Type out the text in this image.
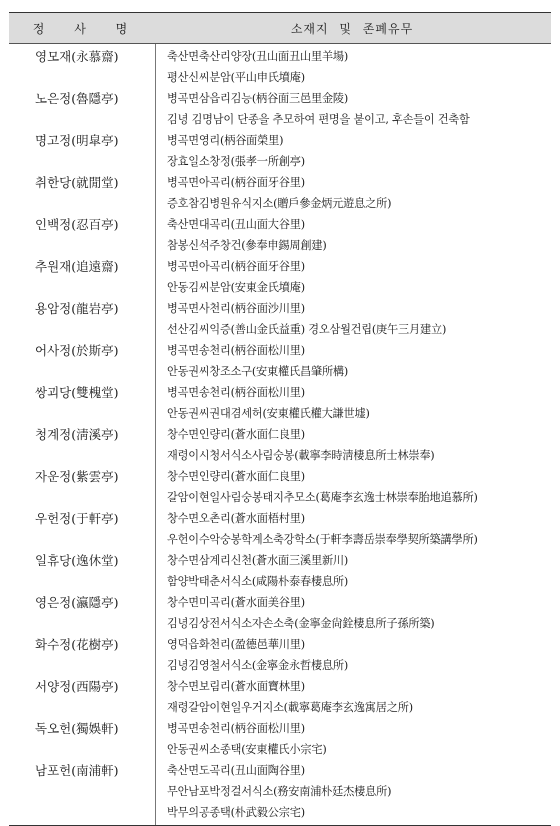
정 사 명	소재지 및 존폐유무
영모재(永慕齋)	축산면축산리양장(丑山面丑山里羊場)
평산신씨분암(平山申氏墳庵)
노은정(魯隱亭)	병곡면삼읍리김능(柄谷面三邑里金陵)
김녕 김명남이 단종을 추모하여 편명을 붙이고, 후손들이 건축함
명고정(明皐亭)	병곡면영리(柄谷面榮里)
장효일소창정(張孝一所創亭)
취한당(就閒堂)	병곡면아곡리(柄谷面牙谷里)
증호참김병원유식지소(贈戶參金炳元遊息之所)
인백정(忍百亭)	축산면대곡리(丑山面大谷里)
참봉신석주창건(參奉申錫周創建)
추원재(追遠齋)	병곡면아곡리(柄谷面牙谷里)
안동김씨분암(安東金氏墳庵)
용암정(龍岩亭)	병곡면사천리(柄谷面沙川里)
선산김씨익증(善山金氏益重) 경오삼월건립(庚午三月建立)
어사정(於斯亭)	병곡면송천리(柄谷面松川里)
안동권씨창조소구(安東權氏昌肇所構)
쌍괴당(雙槐堂)	병곡면송천리(柄谷面松川里)
안동권씨권대겸세허(安東權氏權大謙世墟)
청계정(淸溪亭)	창수면인량리(蒼水面仁良里)
재령이시청서식소사림숭봉(載寧李時淸棲息所士林崇奉)
자운정(紫雲亭)	창수면인량리(蒼水面仁良里)
갈암이현일사림숭봉태지추모소(葛庵李玄逸士林崇奉胎地追慕所)
우헌정(于軒亭)	창수면오촌리(蒼水面梧村里)
우헌이수악숭봉학계소축강학소(于軒李壽岳崇奉學契所築講學所)
일휴당(逸休堂)	창수면삼계리신천(蒼水面三溪里新川)
함양박태춘서식소(咸陽朴泰春棲息所)
영은정(瀛隱亭)	창수면미곡리(蒼水面美谷里)
김녕김상전서식소자손소축(金寧金尙銓棲息所子孫所築)
화수정(花樹亭)	영덕읍화천리(盈德邑華川里)
김녕김영철서식소(金寧金永哲棲息所)
서양정(西陽亭)	창수면보림리(蒼水面寶林里)
재령갈암이현일우거지소(載寧葛庵李玄逸寓居之所)
독오헌(獨娛軒)	병곡면송천리(柄谷面松川里)
안동권씨소종택(安東權氏小宗宅)
남포헌(南浦軒)	축산면도곡리(丑山面陶谷里)
무안남포박정걸서식소(務安南浦朴廷杰棲息所)
박무의공종택(朴武毅公宗宅)
